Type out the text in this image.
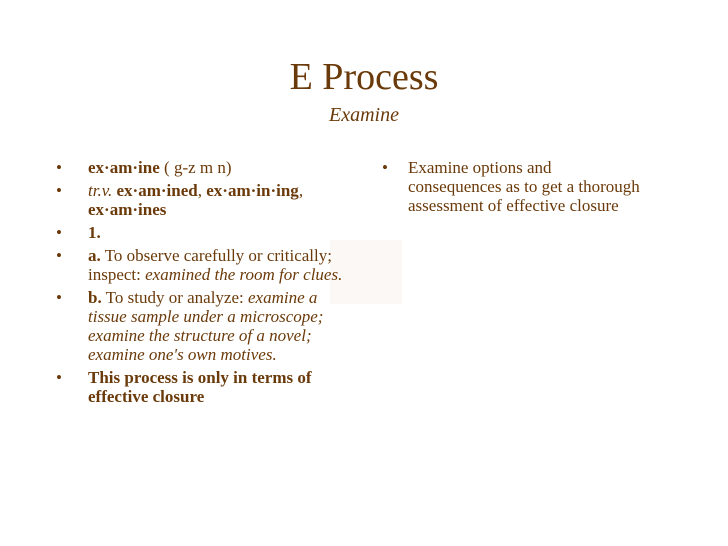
E Process
Examine
• ex·am·ine ( g-z m n)
• tr.v. ex·am·ined, ex·am·in·ing, ex·am·ines
• 1.
• a. To observe carefully or critically; inspect: examined the room for clues.
• b. To study or analyze: examine a tissue sample under a microscope; examine the structure of a novel; examine one's own motives.
• This process is only in terms of effective closure
• Examine options and consequences as to get a thorough assessment of effective closure
